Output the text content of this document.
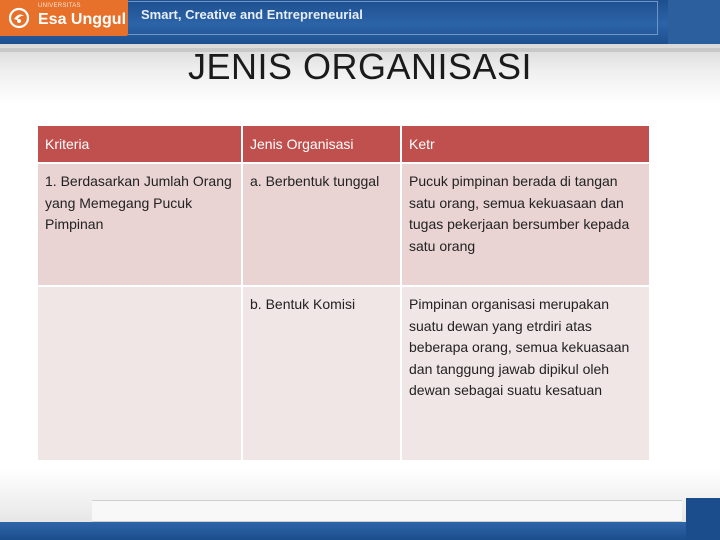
UNIVERSITAS
Esa Unggul Smart, Creative and Entrepreneurial
JENIS ORGANISASI
Kriteria	Jenis Organisasi	Ketr
1. Berdasarkan Jumlah Orang yang Memegang Pucuk Pimpinan	a. Berbentuk tunggal	Pucuk pimpinan berada di tangan satu orang, semua kekuasaan dan tugas pekerjaan bersumber kepada satu orang
	b. Bentuk Komisi	Pimpinan organisasi merupakan suatu dewan yang etrdiri atas beberapa orang, semua kekuasaan dan tanggung jawab dipikul oleh dewan sebagai suatu kesatuan
